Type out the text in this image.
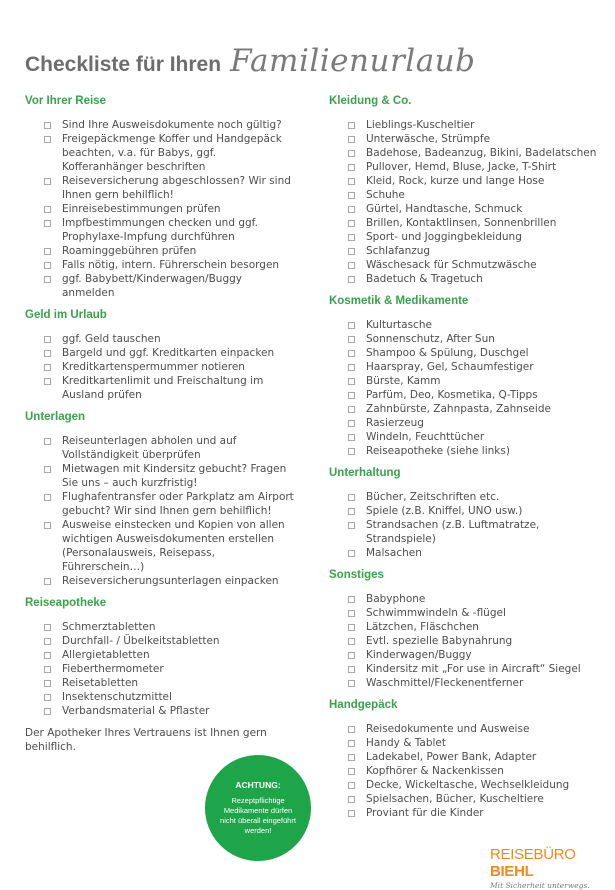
Checkliste für Ihren Familienurlaub
Vor Ihrer Reise
Sind Ihre Ausweisdokumente noch gültig?
Freigepäckmenge Koffer und Handgepäck beachten, v.a. für Babys, ggf. Kofferanhänger beschriften
Reiseversicherung abgeschlossen? Wir sind Ihnen gern behilflich!
Einreisebestimmungen prüfen
Impfbestimmungen checken und ggf. Prophylaxe-Impfung durchführen
Roaminggebühren prüfen
Falls nötig, intern. Führerschein besorgen
ggf. Babybett/Kinderwagen/Buggy anmelden
Geld im Urlaub
ggf. Geld tauschen
Bargeld und ggf. Kreditkarten einpacken
Kreditkartenspermummer notieren
Kreditkartenlimit und Freischaltung im Ausland prüfen
Unterlagen
Reiseunterlagen abholen und auf Vollständigkeit überprüfen
Mietwagen mit Kindersitz gebucht? Fragen Sie uns – auch kurzfristig!
Flughafentransfer oder Parkplatz am Airport gebucht? Wir sind Ihnen gern behilflich!
Ausweise einstecken und Kopien von allen wichtigen Ausweisdokumenten erstellen (Personalausweis, Reisepass, Führerschein…)
Reiseversicherungsunterlagen einpacken
Reiseapotheke
Schmerztabletten
Durchfall- / Übelkeitstabletten
Allergietabletten
Fieberthermometer
Reisetabletten
Insektenschutzmittel
Verbandsmaterial & Pflaster
Der Apotheker Ihres Vertrauens ist Ihnen gern behilflich.
Kleidung & Co.
Lieblings-Kuscheltier
Unterwäsche, Strümpfe
Badehose, Badeanzug, Bikini, Badelatschen
Pullover, Hemd, Bluse, Jacke, T-Shirt
Kleid, Rock, kurze und lange Hose
Schuhe
Gürtel, Handtasche, Schmuck
Brillen, Kontaktlinsen, Sonnenbrillen
Sport- und Joggingbekleidung
Schlafanzug
Wäschesack für Schmutzwäsche
Badetuch & Tragetuch
Kosmetik & Medikamente
Kulturtasche
Sonnenschutz, After Sun
Shampoo & Spülung, Duschgel
Haarspray, Gel, Schaumfestiger
Bürste, Kamm
Parfüm, Deo, Kosmetika, Q-Tipps
Zahnbürste, Zahnpasta, Zahnseide
Rasierzeug
Windeln, Feuchttücher
Reiseapotheke (siehe links)
Unterhaltung
Bücher, Zeitschriften etc.
Spiele (z.B. Kniffel, UNO usw.)
Strandsachen (z.B. Luftmatratze, Strandspiele)
Malsachen
Sonstiges
Babyphone
Schwimmwindeln & -flügel
Lätzchen, Fläschchen
Evtl. spezielle Babynahrung
Kinderwagen/Buggy
Kindersitz mit „For use in Aircraft“ Siegel
Waschmittel/Fleckenentferner
Handgepäck
Reisedokumente und Ausweise
Handy & Tablet
Ladekabel, Power Bank, Adapter
Kopfhörer & Nackenkissen
Decke, Wickeltasche, Wechselkleidung
Spielsachen, Bücher, Kuscheltiere
Proviant für die Kinder
ACHTUNG:
Rezeptpflichtige Medikamente dürfen nicht überall eingeführt werden!
REISEBÜRO BIEHL
Mit Sicherheit unterwegs.
